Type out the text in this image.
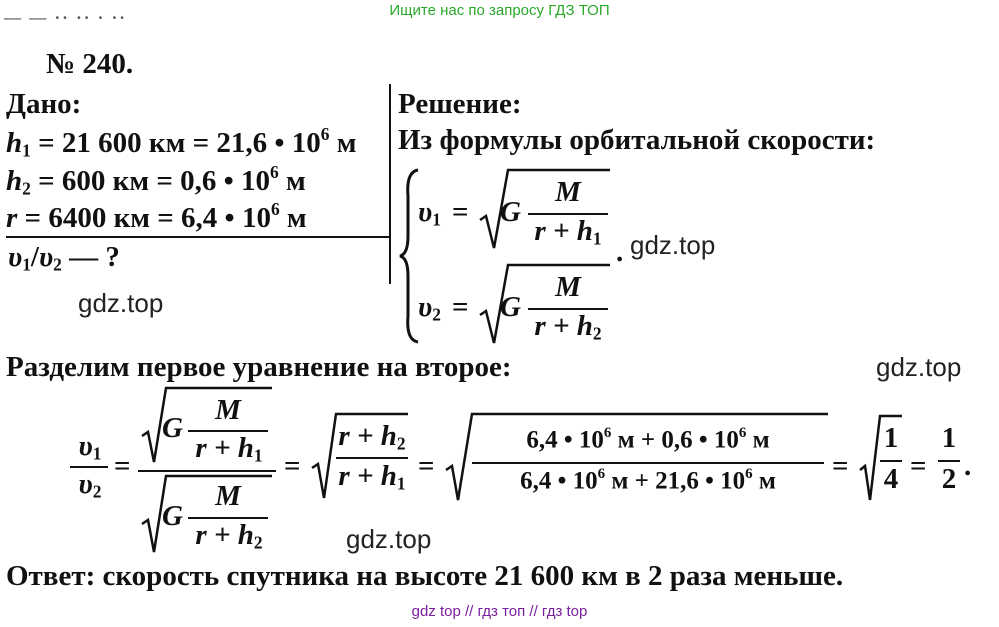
Ищите нас по запросу ГДЗ ТОП
— — ·· ·· · ··
№ 240.
Дано:
$h_1 = 21$ 600 км = 21,6 • $10^6$ м
$h_2 = 600$ км = 0,6 • $10^6$ м
r = 6400 км = 6,4 • $10^6$ м
$\upsilon_1/\upsilon_2$ — ?
Решение:
Из формулы орбитальной скорости:
$\upsilon_1 = G$
M
$r + h_1$ .
$\upsilon_2 = G$
M
$r + h_2$
Разделим первое уравнение на второе:
$\upsilon_1$
$\upsilon_2$
=
G
M
$r + h_1$
G
M
$r + h_2$
=
$r + h_2$
$r + h_1$
=
6,4 • $10^6$ м + 0,6 • $10^6$ м
6,4 • $10^6$ м + 21,6 • $10^6$ м	=
1
4 =
1
2 .
Ответ: скорость спутника на высоте 21 600 км в 2 раза меньше.
gdz.top
gdz.top
gdz.top
gdz.top
gdz top // гдз топ // гдз top
